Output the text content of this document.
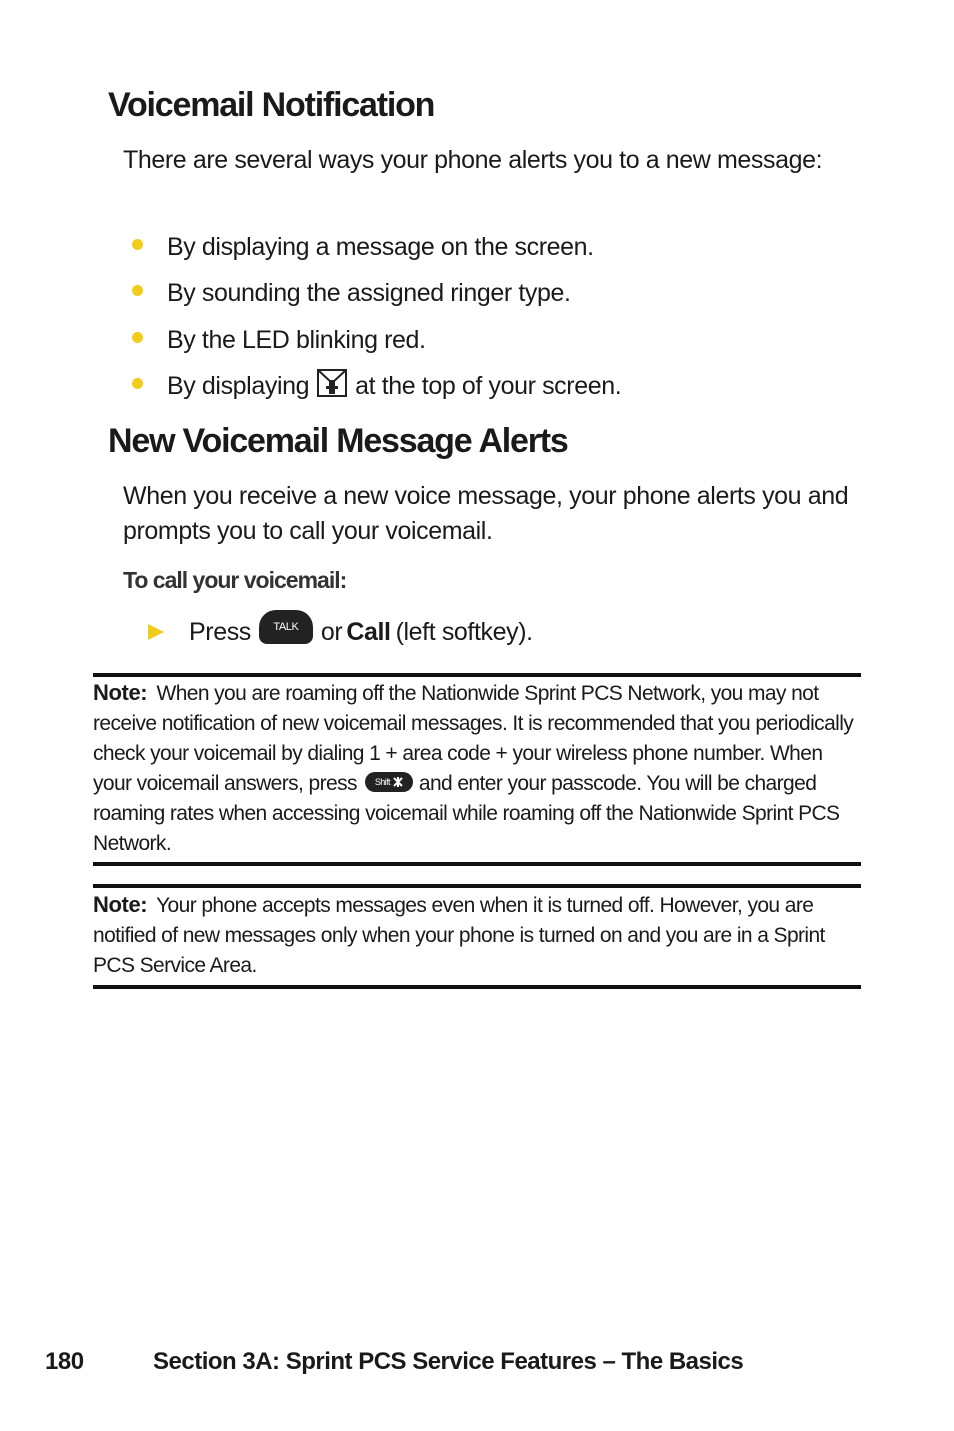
Voicemail Notification

There are several ways your phone alerts you to a new message:

By displaying a message on the screen.
By sounding the assigned ringer type.
By the LED blinking red.
By displaying at the top of your screen.
New Voicemail Message Alerts

When you receive a new voice message, your phone alerts you and prompts you to call your voicemail.

To call your voicemail:
Press	TALK or Call (left softkey).

Note: When you are roaming off the Nationwide Sprint PCS Network, you may not receive notification of new voicemail messages. It is recommended that you periodically check your voicemail by dialing 1 + area code + your wireless phone number. When your voicemail answers, press Shift and enter your passcode. You will be charged roaming rates when accessing voicemail while roaming off the Nationwide Sprint PCS Network.

Note: Your phone accepts messages even when it is turned off. However, you are notified of new messages only when your phone is turned on and you are in a Sprint PCS Service Area.

180	Section 3A: Sprint PCS Service Features – The Basics
